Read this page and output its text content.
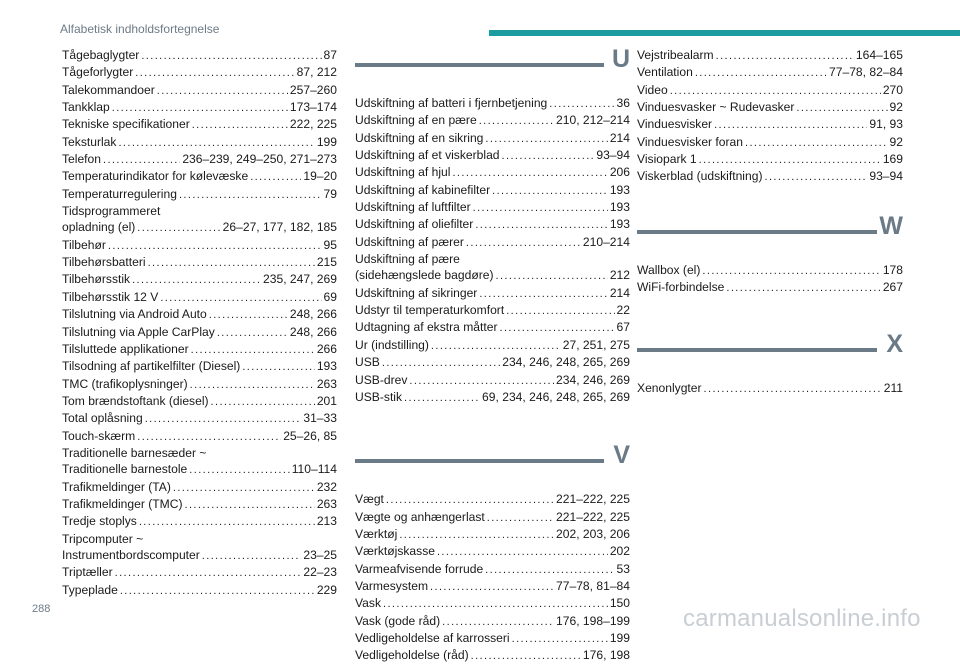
Alfabetisk indholdsfortegnelse
Tågebaglygter .....	87
Tågeforlygter .....	87, 212
Talekommandoer .....	257–260
Tankklap .....	173–174
Tekniske specifikationer .....	222, 225
Teksturlak .....	199
Telefon .....	236–239, 249–250, 271–273
Temperaturindikator for kølevæske .....	19–20
Temperaturregulering .....	79
Tidsprogrammeret
opladning (el) .....	26–27, 177, 182, 185
Tilbehør .....	95
Tilbehørsbatteri .....	215
Tilbehørsstik .....	235, 247, 269
Tilbehørsstik 12 V .....	69
Tilslutning via Android Auto .....	248, 266
Tilslutning via Apple CarPlay .....	248, 266
Tilsluttede applikationer .....	266
Tilsodning af partikelfilter (Diesel) .....	193
TMC (trafikoplysninger) .....	263
Tom brændstoftank (diesel) .....	201
Total oplåsning .....	31–33
Touch-skærm .....	25–26, 85
Traditionelle barnesæder ~
Traditionelle barnestole .....	110–114
Trafikmeldinger (TA) .....	232
Trafikmeldinger (TMC) .....	263
Tredje stoplys .....	213
Tripcomputer ~
Instrumentbordscomputer .....	23–25
Triptæller .....	22–23
Typeplade .....	229
U
Udskiftning af batteri i fjernbetjening .....	36
Udskiftning af en pære .....	210, 212–214
Udskiftning af en sikring .....	214
Udskiftning af et viskerblad .....	93–94
Udskiftning af hjul .....	206
Udskiftning af kabinefilter .....	193
Udskiftning af luftfilter .....	193
Udskiftning af oliefilter .....	193
Udskiftning af pærer .....	210–214
Udskiftning af pære
(sidehængslede bagdøre) .....	212
Udskiftning af sikringer .....	214
Udstyr til temperaturkomfort .....	22
Udtagning af ekstra måtter .....	67
Ur (indstilling) .....	27, 251, 275
USB .....	234, 246, 248, 265, 269
USB-drev .....	234, 246, 269
USB-stik .....	69, 234, 246, 248, 265, 269
V
Vægt .....	221–222, 225
Vægte og anhængerlast .....	221–222, 225
Værktøj .....	202, 203, 206
Værktøjskasse .....	202
Varmeafvisende forrude .....	53
Varmesystem .....	77–78, 81–84
Vask .....	150
Vask (gode råd) .....	176, 198–199
Vedligeholdelse af karrosseri .....	199
Vedligeholdelse (råd) .....	176, 198
Vejstribealarm .....	164–165
Ventilation .....	77–78, 82–84
Video .....	270
Vinduesvasker ~ Rudevasker .....	92
Vinduesvisker .....	91, 93
Vinduesvisker foran .....	92
Visiopark 1 .....	169
Viskerblad (udskiftning) .....	93–94
W
Wallbox (el) .....	178
WiFi-forbindelse .....	267
X
Xenonlygter .....	211
288	carmanualsonline.info
